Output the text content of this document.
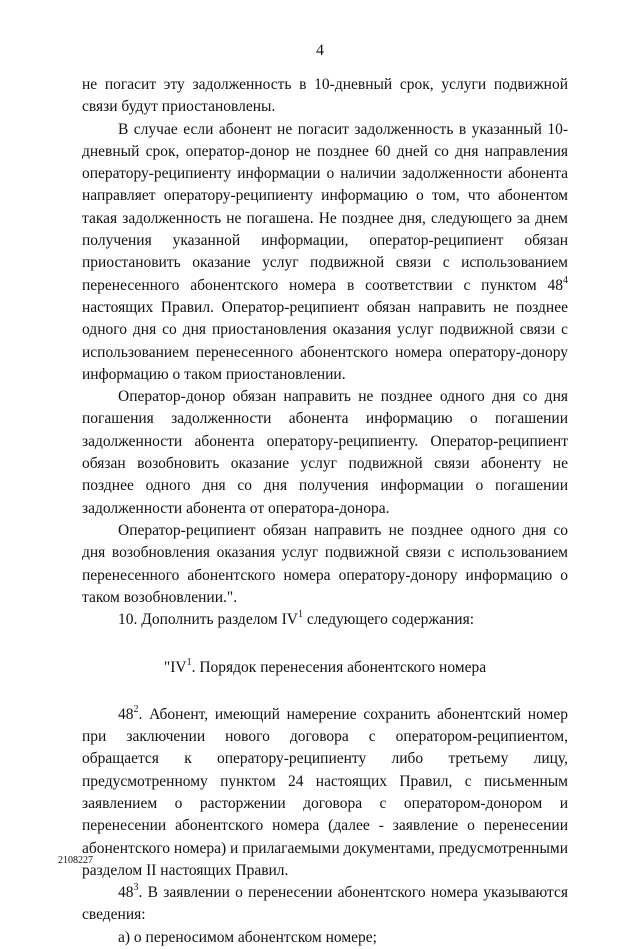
4

не погасит эту задолженность в 10-дневный срок, услуги подвижной связи будут приостановлены.

В случае если абонент не погасит задолженность в указанный 10-дневный срок, оператор-донор не позднее 60 дней со дня направления оператору-реципиенту информации о наличии задолженности абонента направляет оператору-реципиенту информацию о том, что абонентом такая задолженность не погашена. Не позднее дня, следующего за днем получения указанной информации, оператор-реципиент обязан приостановить оказание услуг подвижной связи с использованием перенесенного абонентского номера в соответствии с пунктом $48^4$ настоящих Правил. Оператор-реципиент обязан направить не позднее одного дня со дня приостановления оказания услуг подвижной связи с использованием перенесенного абонентского номера оператору-донору информацию о таком приостановлении.

Оператор-донор обязан направить не позднее одного дня со дня погашения задолженности абонента информацию о погашении задолженности абонента оператору-реципиенту. Оператор-реципиент обязан возобновить оказание услуг подвижной связи абоненту не позднее одного дня со дня получения информации о погашении задолженности абонента от оператора-донора.

Оператор-реципиент обязан направить не позднее одного дня со дня возобновления оказания услуг подвижной связи с использованием перенесенного абонентского номера оператору-донору информацию о таком возобновлении.".

10. Дополнить разделом $IV^1$ следующего содержания:

"$IV^1$. Порядок перенесения абонентского номера

$48^2$. Абонент, имеющий намерение сохранить абонентский номер при заключении нового договора с оператором-реципиентом, обращается к оператору-реципиенту либо третьему лицу, предусмотренному пунктом 24 настоящих Правил, с письменным заявлением о расторжении договора с оператором-донором и перенесении абонентского номера (далее - заявление о перенесении абонентского номера) и прилагаемыми документами, предусмотренными разделом II настоящих Правил.

$48^3$. В заявлении о перенесении абонентского номера указываются сведения:

а) о переносимом абонентском номере;

2108227
